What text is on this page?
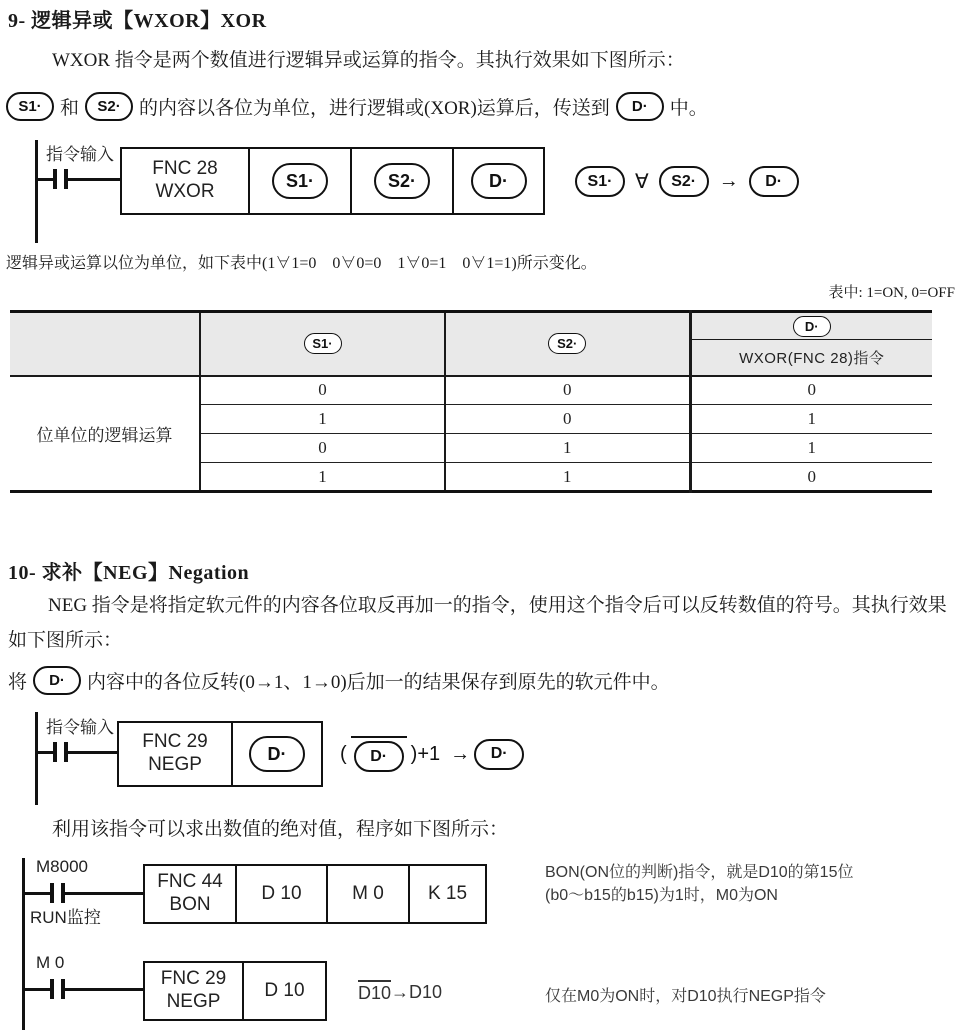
9- 逻辑异或【WXOR】XOR
WXOR 指令是两个数值进行逻辑异或运算的指令。其执行效果如下图所示：
S1· 和	S2· 的内容以各位为单位，进行逻辑或(XOR)运算后，传送到	D·	中。
指令输入
FNC 28
WXOR	S1·	S2·	D·	S1·	∀	S2·	→	D·
逻辑异或运算以位为单位，如下表中(1∀1=0　0∀0=0　1∀0=1　0∀1=1)所示变化。
表中: 1=ON, 0=OFF
	S1·	S2·	D·
			WXOR(FNC 28)指令
位单位的逻辑运算	0	0	0
	1	0	1
	0	1	1
	1	1	0
10- 求补【NEG】Negation
NEG 指令是将指定软元件的内容各位取反再加一的指令，使用这个指令后可以反转数值的符号。其执行效果如下图所示：
将	D·	内容中的各位反转(0→1、1→0)后加一的结果保存到原先的软元件中。
指令输入
FNC 29
NEGP	D·	(	D·	)+1 →	D·
利用该指令可以求出数值的绝对值，程序如下图所示：
M8000
RUN监控
FNC 44
BON
D 10	M 0	K 15
BON(ON位的判断)指令，就是D10的第15位
(b0～b15的b15)为1时，M0为ON
M 0
FNC 29
NEGP
D 10	D10 →D10	仅在M0为ON时，对D10执行NEGP指令
